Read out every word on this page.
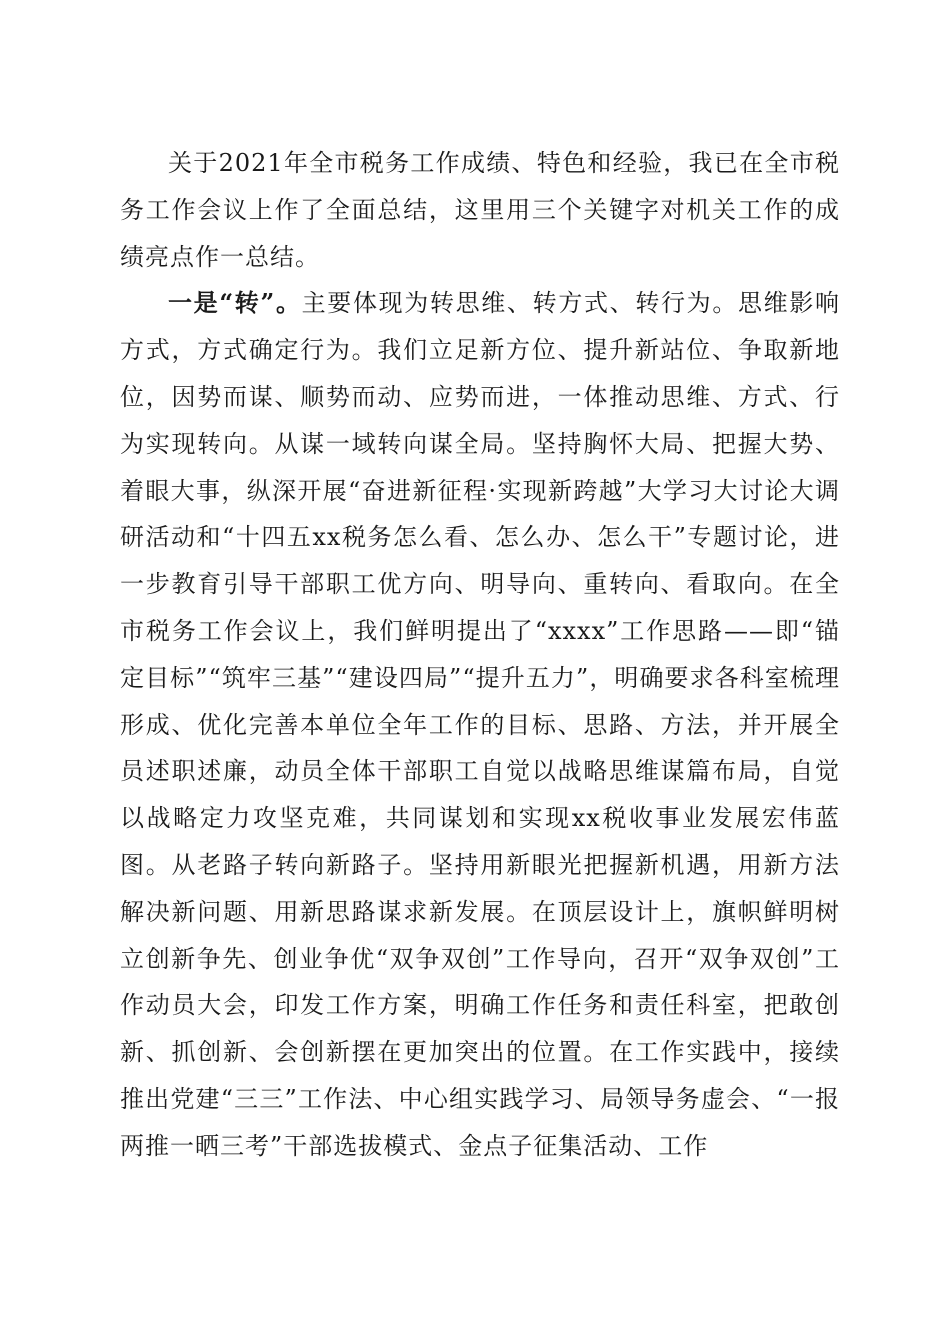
关于2021年全市税务工作成绩、特色和经验，我已在全市税务工作会议上作了全面总结，这里用三个关键字对机关工作的成绩亮点作一总结。

一是“转”。主要体现为转思维、转方式、转行为。思维影响方式，方式确定行为。我们立足新方位、提升新站位、争取新地位，因势而谋、顺势而动、应势而进，一体推动思维、方式、行为实现转向。从谋一域转向谋全局。坚持胸怀大局、把握大势、着眼大事，纵深开展“奋进新征程·实现新跨越”大学习大讨论大调研活动和“十四五xx税务怎么看、怎么办、怎么干”专题讨论，进一步教育引导干部职工优方向、明导向、重转向、看取向。在全市税务工作会议上，我们鲜明提出了“xxxx”工作思路——即“锚定目标”“筑牢三基”“建设四局”“提升五力”，明确要求各科室梳理形成、优化完善本单位全年工作的目标、思路、方法，并开展全员述职述廉，动员全体干部职工自觉以战略思维谋篇布局，自觉以战略定力攻坚克难，共同谋划和实现xx税收事业发展宏伟蓝图。从老路子转向新路子。坚持用新眼光把握新机遇，用新方法解决新问题、用新思路谋求新发展。在顶层设计上，旗帜鲜明树立创新争先、创业争优“双争双创”工作导向，召开“双争双创”工作动员大会，印发工作方案，明确工作任务和责任科室，把敢创新、抓创新、会创新摆在更加突出的位置。在工作实践中，接续推出党建“三三”工作法、中心组实践学习、局领导务虚会、“一报两推一晒三考”干部选拔模式、金点子征集活动、工作
